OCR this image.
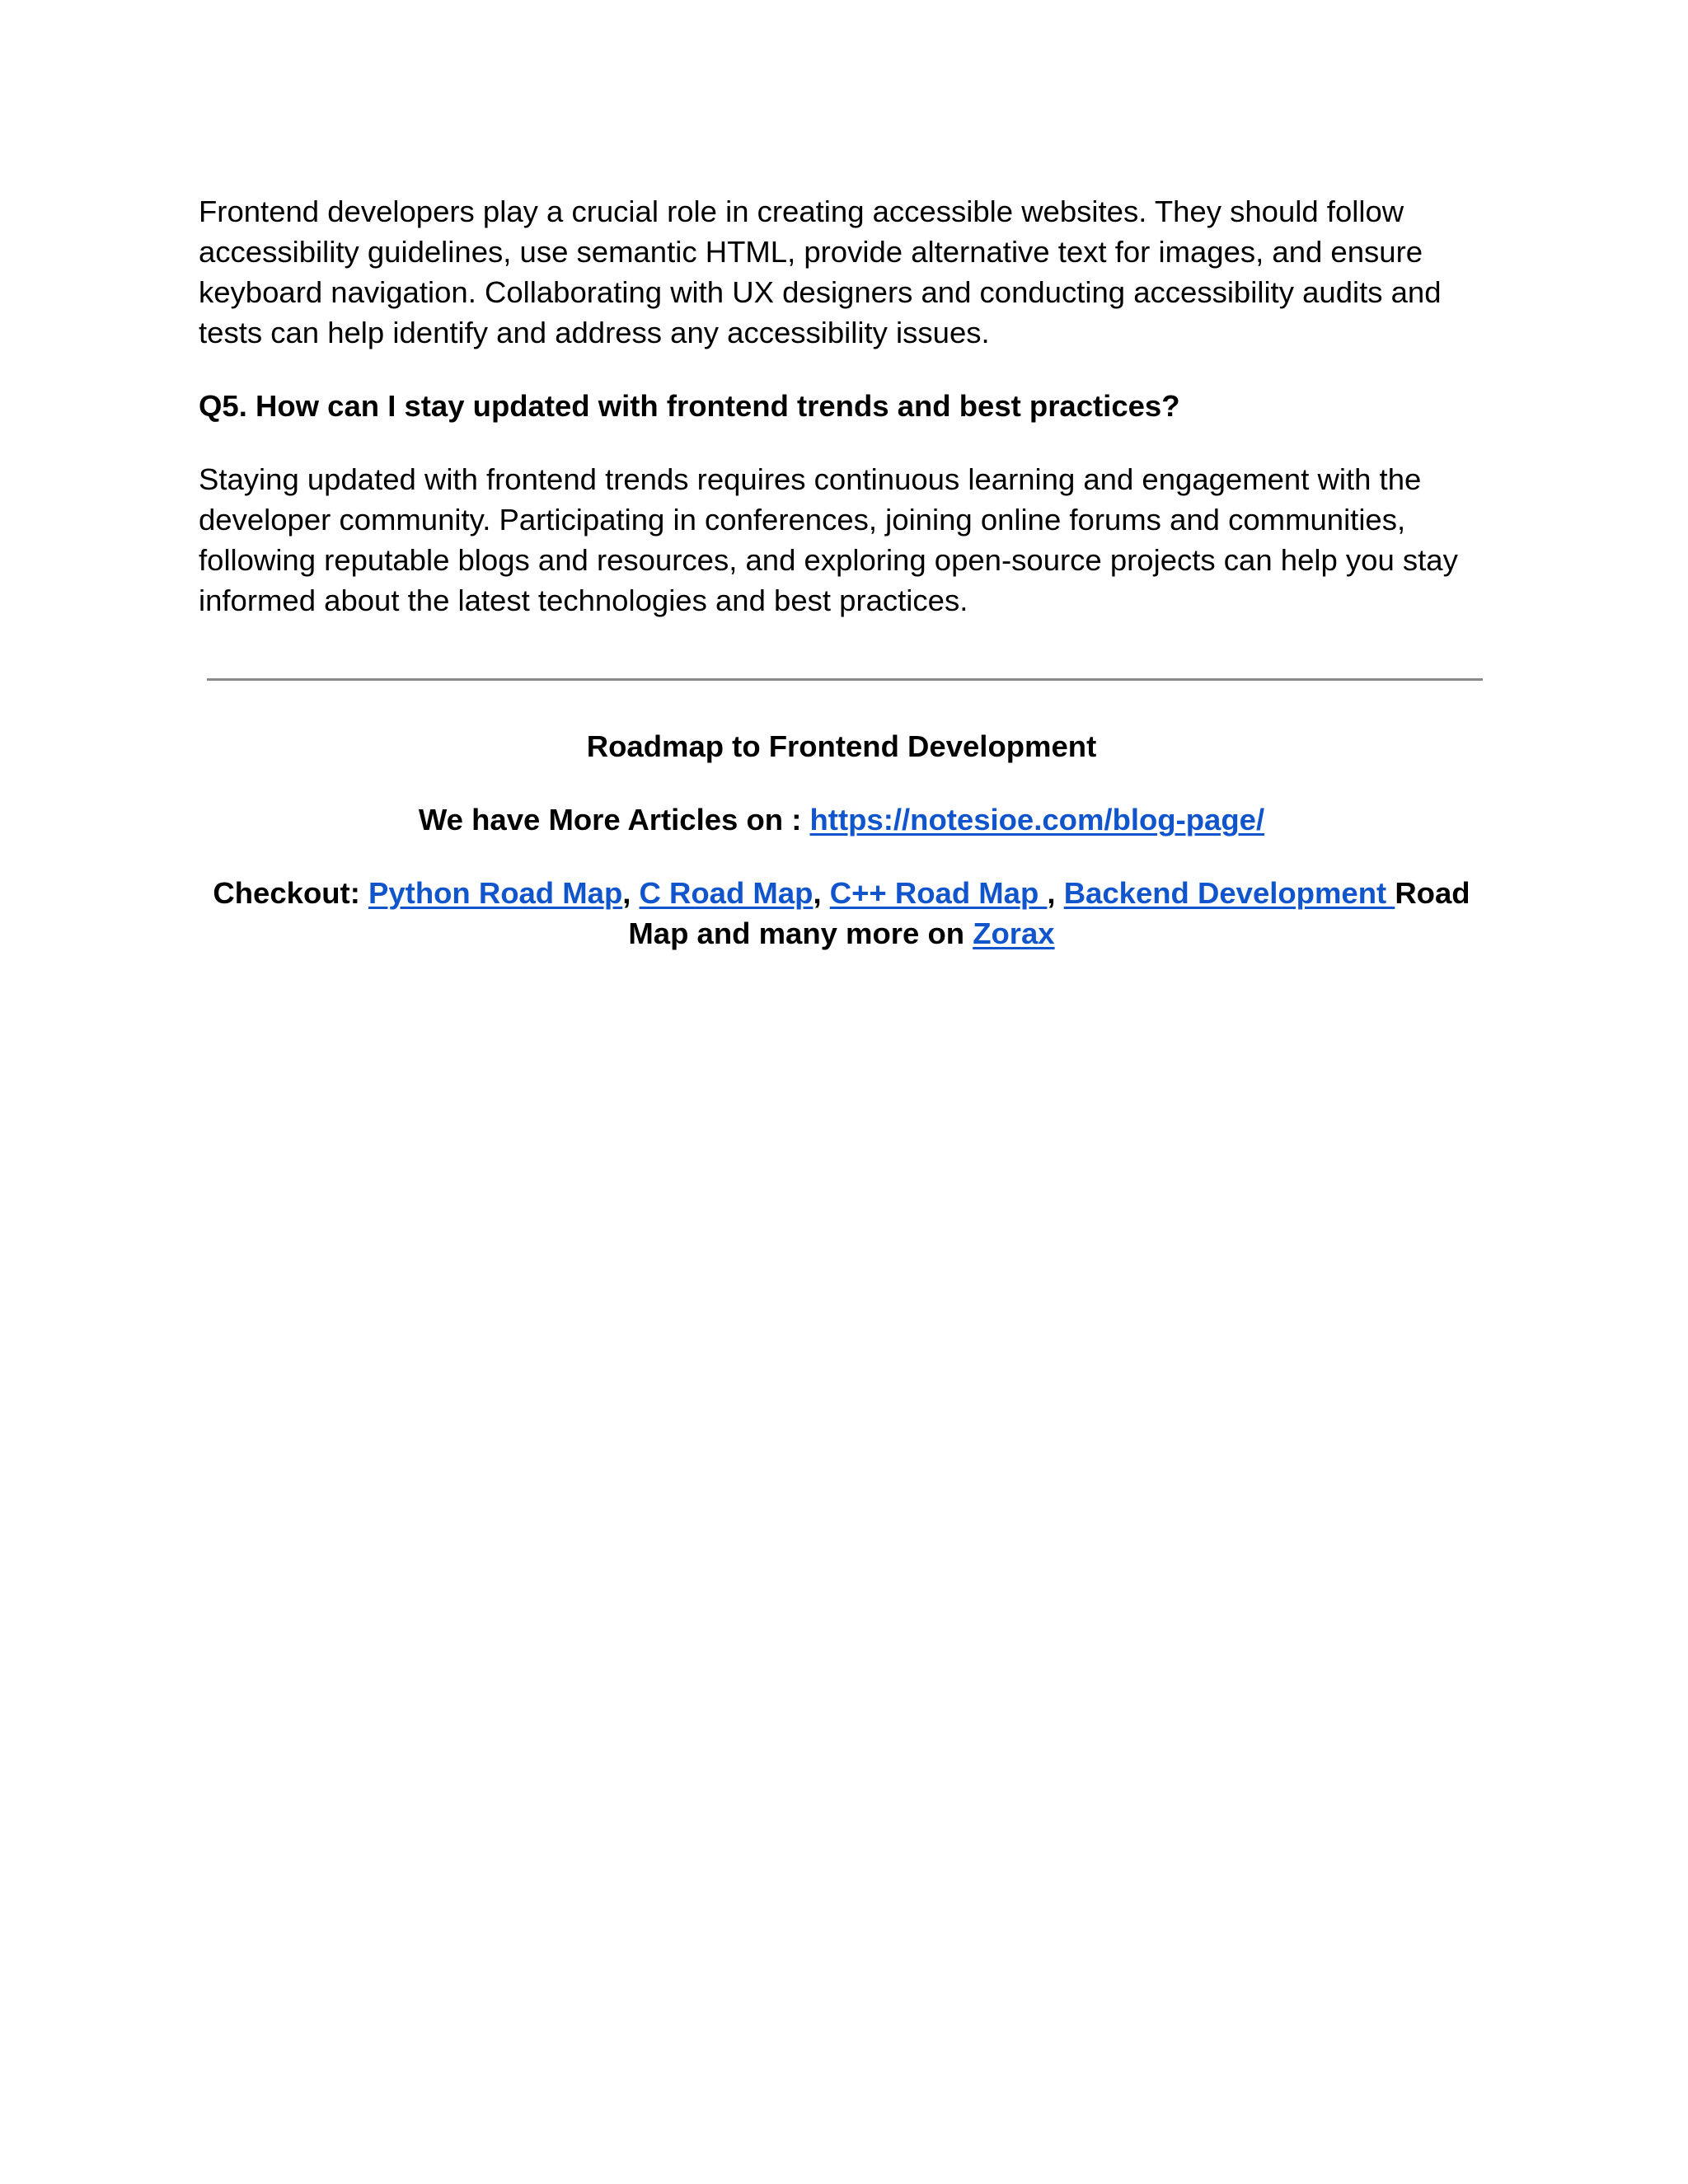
Frontend developers play a crucial role in creating accessible websites. They should follow accessibility guidelines, use semantic HTML, provide alternative text for images, and ensure keyboard navigation. Collaborating with UX designers and conducting accessibility audits and tests can help identify and address any accessibility issues.

Q5. How can I stay updated with frontend trends and best practices?

Staying updated with frontend trends requires continuous learning and engagement with the developer community. Participating in conferences, joining online forums and communities, following reputable blogs and resources, and exploring open-source projects can help you stay informed about the latest technologies and best practices.

Roadmap to Frontend Development

We have More Articles on : https://notesioe.com/blog-page/

Checkout: Python Road Map, C Road Map, C++ Road Map , Backend Development Road Map and many more on Zorax
